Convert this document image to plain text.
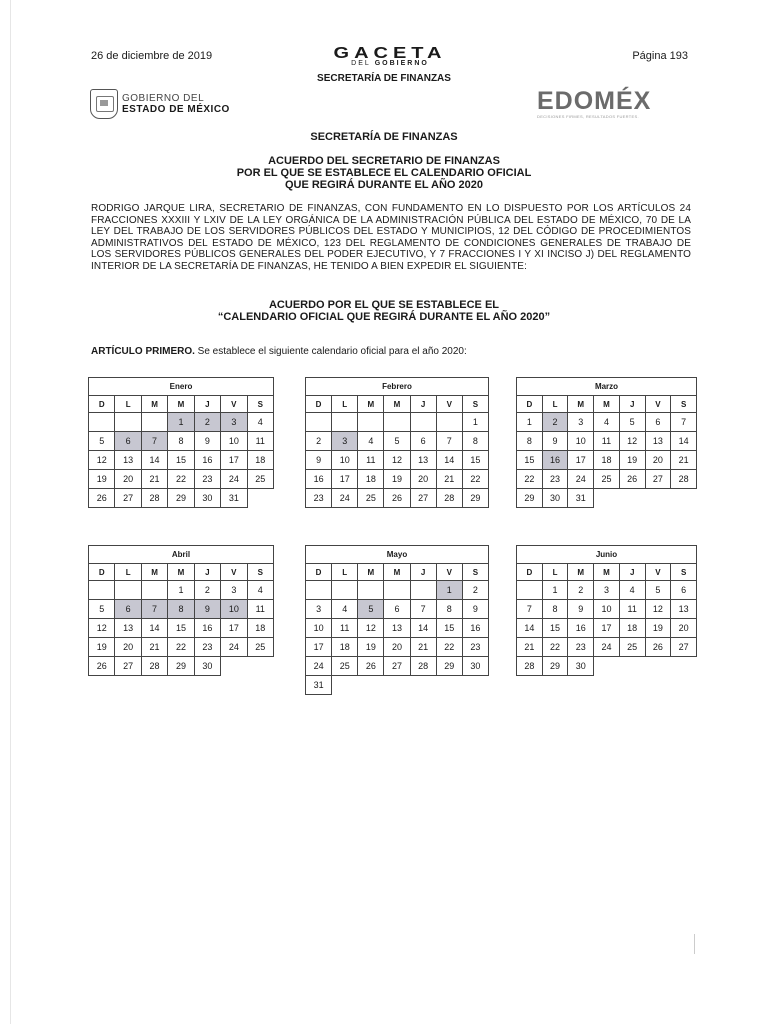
26 de diciembre de 2019	GACETA
DEL GOBIERNO
Página 193
SECRETARÍA DE FINANZAS
GOBIERNO DEL
ESTADO DE MÉXICO	EDOMÉX
DECISIONES FIRMES, RESULTADOS FUERTES.
SECRETARÍA DE FINANZAS
ACUERDO DEL SECRETARIO DE FINANZAS
POR EL QUE SE ESTABLECE EL CALENDARIO OFICIAL
QUE REGIRÁ DURANTE EL AÑO 2020
RODRIGO JARQUE LIRA, SECRETARIO DE FINANZAS, CON FUNDAMENTO EN LO DISPUESTO POR LOS ARTÍCULOS 24 FRACCIONES XXXIII Y LXIV DE LA LEY ORGÁNICA DE LA ADMINISTRACIÓN PÚBLICA DEL ESTADO DE MÉXICO, 70 DE LA LEY DEL TRABAJO DE LOS SERVIDORES PÚBLICOS DEL ESTADO Y MUNICIPIOS, 12 DEL CÓDIGO DE PROCEDIMIENTOS ADMINISTRATIVOS DEL ESTADO DE MÉXICO, 123 DEL REGLAMENTO DE CONDICIONES GENERALES DE TRABAJO DE LOS SERVIDORES PÚBLICOS GENERALES DEL PODER EJECUTIVO, Y 7 FRACCIONES I Y XI INCISO J) DEL REGLAMENTO INTERIOR DE LA SECRETARÍA DE FINANZAS, HE TENIDO A BIEN EXPEDIR EL SIGUIENTE:
ACUERDO POR EL QUE SE ESTABLECE EL
“CALENDARIO OFICIAL QUE REGIRÁ DURANTE EL AÑO 2020”
ARTÍCULO PRIMERO. Se establece el siguiente calendario oficial para el año 2020:
Enero						
D	L	M	M	J	V	S
			1	2	3	4
5	6	7	8	9	10	11
12	13	14	15	16	17	18
19	20	21	22	23	24	25
26	27	28	29	30	31	
Febrero						
D	L	M	M	J	V	S
						1
2	3	4	5	6	7	8
9	10	11	12	13	14	15
16	17	18	19	20	21	22
23	24	25	26	27	28	29
Marzo						
D	L	M	M	J	V	S
1	2	3	4	5	6	7
8	9	10	11	12	13	14
15	16	17	18	19	20	21
22	23	24	25	26	27	28
29	30	31				
Abril						
D	L	M	M	J	V	S
			1	2	3	4
5	6	7	8	9	10	11
12	13	14	15	16	17	18
19	20	21	22	23	24	25
26	27	28	29	30		
Mayo						
D	L	M	M	J	V	S
					1	2
3	4	5	6	7	8	9
10	11	12	13	14	15	16
17	18	19	20	21	22	23
24	25	26	27	28	29	30
31						
Junio						
D	L	M	M	J	V	S
	1	2	3	4	5	6
7	8	9	10	11	12	13
14	15	16	17	18	19	20
21	22	23	24	25	26	27
28	29	30				
